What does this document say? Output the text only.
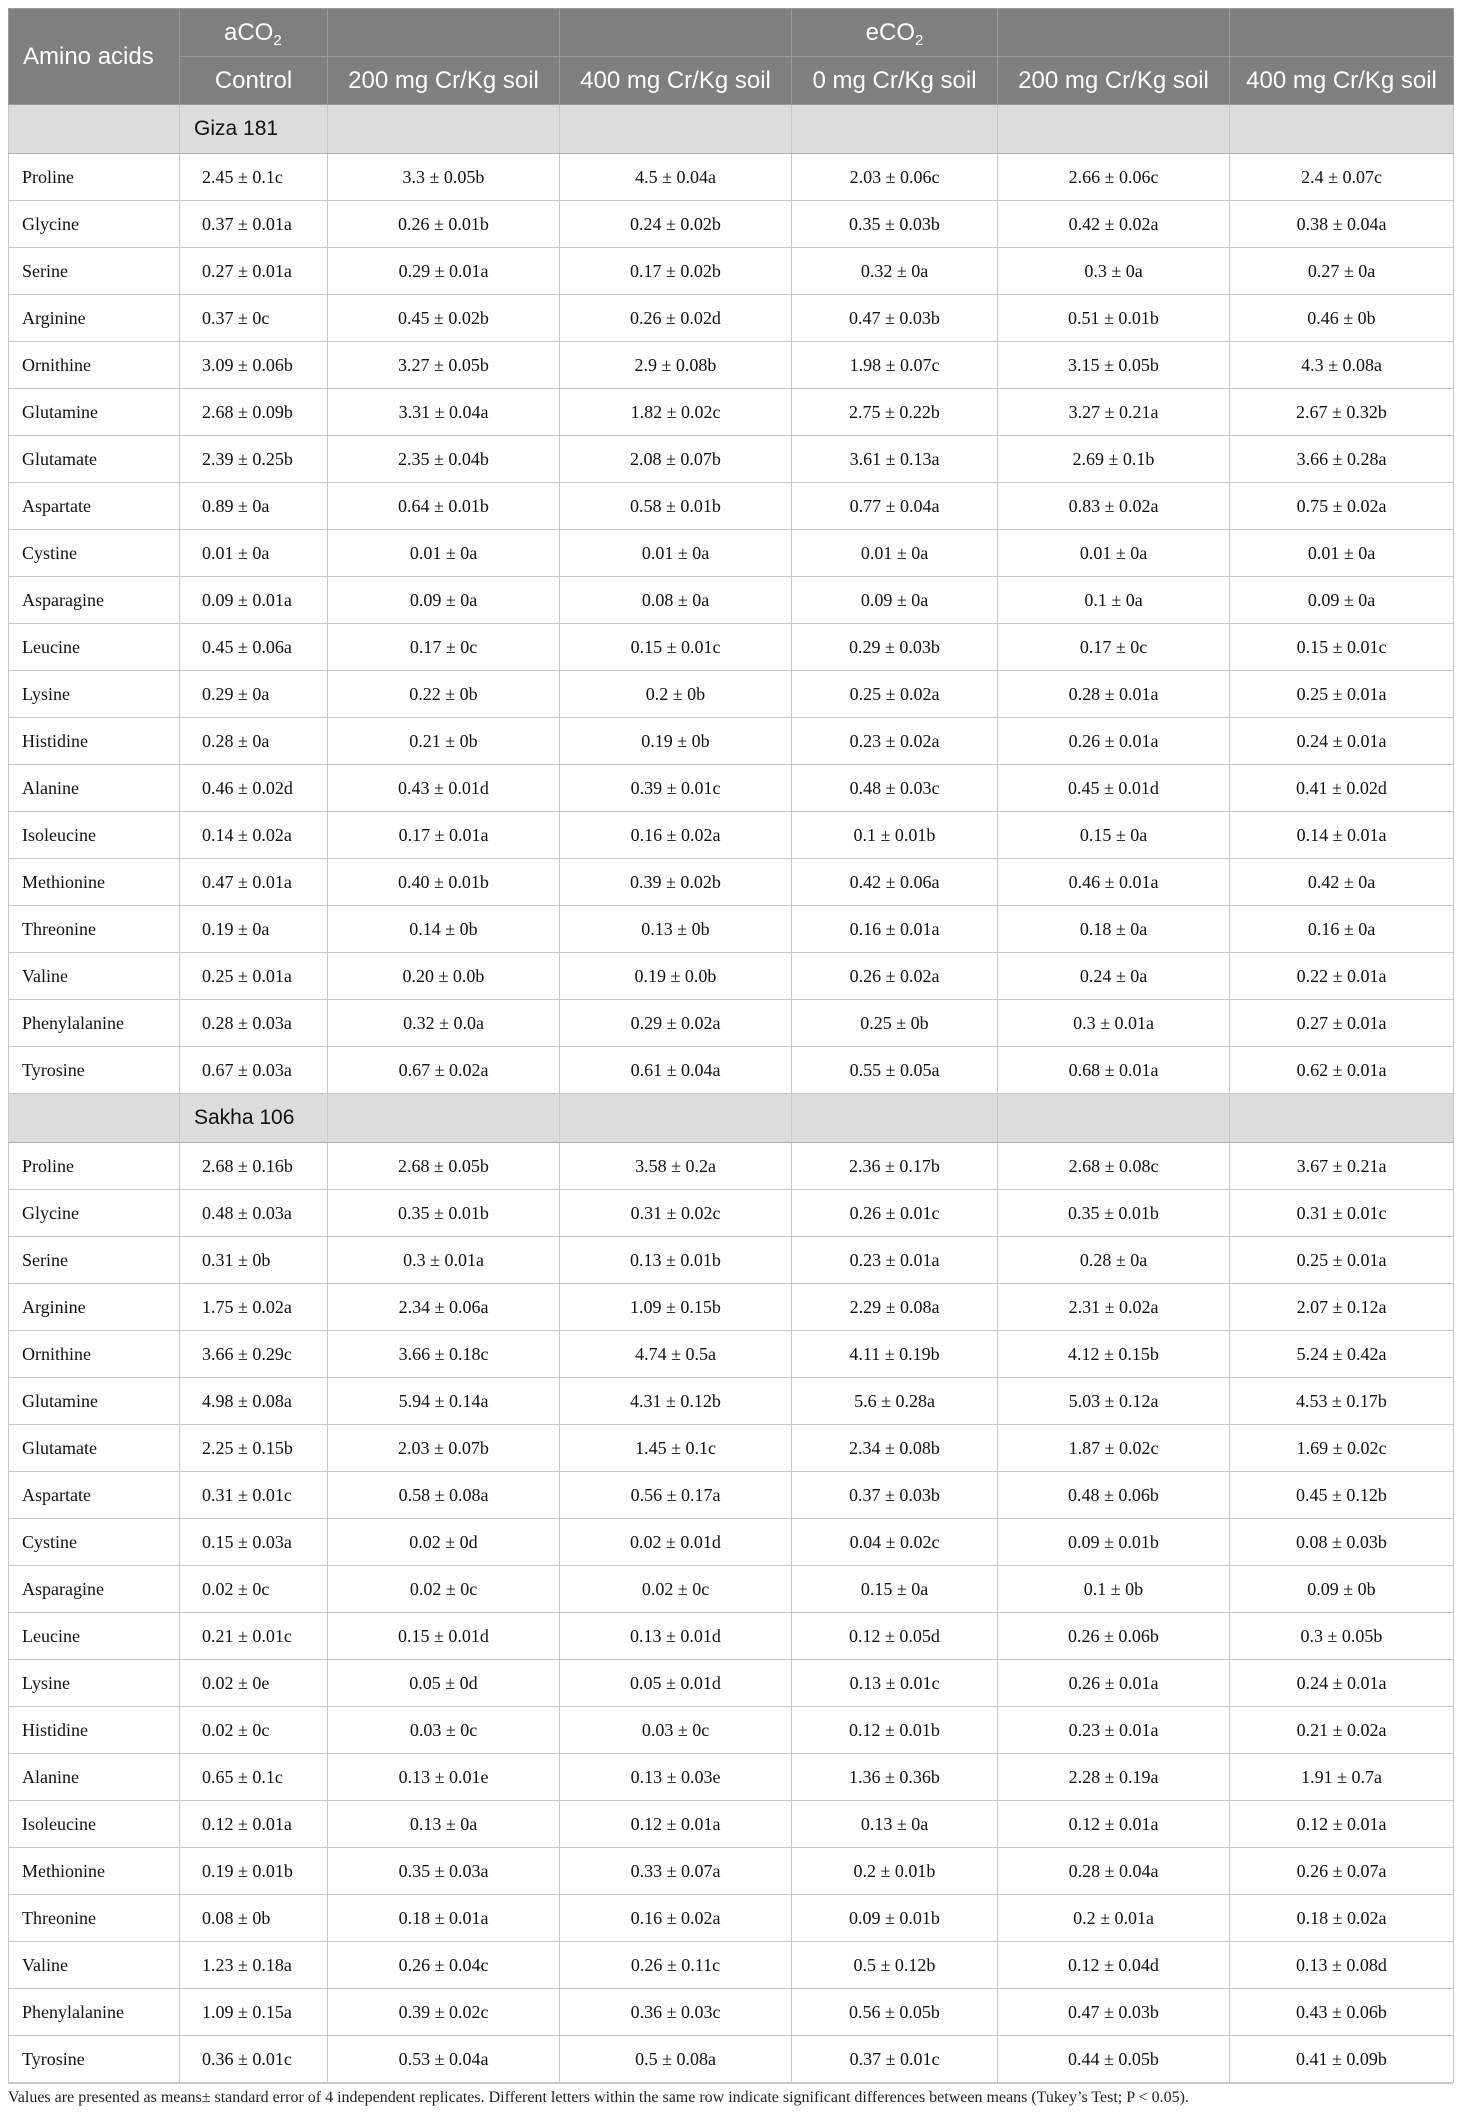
Amino acids	aCO$_2$			eCO$_2$		
	Control	200 mg Cr/Kg soil	400 mg Cr/Kg soil	0 mg Cr/Kg soil	200 mg Cr/Kg soil	400 mg Cr/Kg soil
	Giza 181					
Proline	2.45 ± 0.1c	3.3 ± 0.05b	4.5 ± 0.04a	2.03 ± 0.06c	2.66 ± 0.06c	2.4 ± 0.07c
Glycine	0.37 ± 0.01a	0.26 ± 0.01b	0.24 ± 0.02b	0.35 ± 0.03b	0.42 ± 0.02a	0.38 ± 0.04a
Serine	0.27 ± 0.01a	0.29 ± 0.01a	0.17 ± 0.02b	0.32 ± 0a	0.3 ± 0a	0.27 ± 0a
Arginine	0.37 ± 0c	0.45 ± 0.02b	0.26 ± 0.02d	0.47 ± 0.03b	0.51 ± 0.01b	0.46 ± 0b
Ornithine	3.09 ± 0.06b	3.27 ± 0.05b	2.9 ± 0.08b	1.98 ± 0.07c	3.15 ± 0.05b	4.3 ± 0.08a
Glutamine	2.68 ± 0.09b	3.31 ± 0.04a	1.82 ± 0.02c	2.75 ± 0.22b	3.27 ± 0.21a	2.67 ± 0.32b
Glutamate	2.39 ± 0.25b	2.35 ± 0.04b	2.08 ± 0.07b	3.61 ± 0.13a	2.69 ± 0.1b	3.66 ± 0.28a
Aspartate	0.89 ± 0a	0.64 ± 0.01b	0.58 ± 0.01b	0.77 ± 0.04a	0.83 ± 0.02a	0.75 ± 0.02a
Cystine	0.01 ± 0a	0.01 ± 0a	0.01 ± 0a	0.01 ± 0a	0.01 ± 0a	0.01 ± 0a
Asparagine	0.09 ± 0.01a	0.09 ± 0a	0.08 ± 0a	0.09 ± 0a	0.1 ± 0a	0.09 ± 0a
Leucine	0.45 ± 0.06a	0.17 ± 0c	0.15 ± 0.01c	0.29 ± 0.03b	0.17 ± 0c	0.15 ± 0.01c
Lysine	0.29 ± 0a	0.22 ± 0b	0.2 ± 0b	0.25 ± 0.02a	0.28 ± 0.01a	0.25 ± 0.01a
Histidine	0.28 ± 0a	0.21 ± 0b	0.19 ± 0b	0.23 ± 0.02a	0.26 ± 0.01a	0.24 ± 0.01a
Alanine	0.46 ± 0.02d	0.43 ± 0.01d	0.39 ± 0.01c	0.48 ± 0.03c	0.45 ± 0.01d	0.41 ± 0.02d
Isoleucine	0.14 ± 0.02a	0.17 ± 0.01a	0.16 ± 0.02a	0.1 ± 0.01b	0.15 ± 0a	0.14 ± 0.01a
Methionine	0.47 ± 0.01a	0.40 ± 0.01b	0.39 ± 0.02b	0.42 ± 0.06a	0.46 ± 0.01a	0.42 ± 0a
Threonine	0.19 ± 0a	0.14 ± 0b	0.13 ± 0b	0.16 ± 0.01a	0.18 ± 0a	0.16 ± 0a
Valine	0.25 ± 0.01a	0.20 ± 0.0b	0.19 ± 0.0b	0.26 ± 0.02a	0.24 ± 0a	0.22 ± 0.01a
Phenylalanine	0.28 ± 0.03a	0.32 ± 0.0a	0.29 ± 0.02a	0.25 ± 0b	0.3 ± 0.01a	0.27 ± 0.01a
Tyrosine	0.67 ± 0.03a	0.67 ± 0.02a	0.61 ± 0.04a	0.55 ± 0.05a	0.68 ± 0.01a	0.62 ± 0.01a
	Sakha 106					
Proline	2.68 ± 0.16b	2.68 ± 0.05b	3.58 ± 0.2a	2.36 ± 0.17b	2.68 ± 0.08c	3.67 ± 0.21a
Glycine	0.48 ± 0.03a	0.35 ± 0.01b	0.31 ± 0.02c	0.26 ± 0.01c	0.35 ± 0.01b	0.31 ± 0.01c
Serine	0.31 ± 0b	0.3 ± 0.01a	0.13 ± 0.01b	0.23 ± 0.01a	0.28 ± 0a	0.25 ± 0.01a
Arginine	1.75 ± 0.02a	2.34 ± 0.06a	1.09 ± 0.15b	2.29 ± 0.08a	2.31 ± 0.02a	2.07 ± 0.12a
Ornithine	3.66 ± 0.29c	3.66 ± 0.18c	4.74 ± 0.5a	4.11 ± 0.19b	4.12 ± 0.15b	5.24 ± 0.42a
Glutamine	4.98 ± 0.08a	5.94 ± 0.14a	4.31 ± 0.12b	5.6 ± 0.28a	5.03 ± 0.12a	4.53 ± 0.17b
Glutamate	2.25 ± 0.15b	2.03 ± 0.07b	1.45 ± 0.1c	2.34 ± 0.08b	1.87 ± 0.02c	1.69 ± 0.02c
Aspartate	0.31 ± 0.01c	0.58 ± 0.08a	0.56 ± 0.17a	0.37 ± 0.03b	0.48 ± 0.06b	0.45 ± 0.12b
Cystine	0.15 ± 0.03a	0.02 ± 0d	0.02 ± 0.01d	0.04 ± 0.02c	0.09 ± 0.01b	0.08 ± 0.03b
Asparagine	0.02 ± 0c	0.02 ± 0c	0.02 ± 0c	0.15 ± 0a	0.1 ± 0b	0.09 ± 0b
Leucine	0.21 ± 0.01c	0.15 ± 0.01d	0.13 ± 0.01d	0.12 ± 0.05d	0.26 ± 0.06b	0.3 ± 0.05b
Lysine	0.02 ± 0e	0.05 ± 0d	0.05 ± 0.01d	0.13 ± 0.01c	0.26 ± 0.01a	0.24 ± 0.01a
Histidine	0.02 ± 0c	0.03 ± 0c	0.03 ± 0c	0.12 ± 0.01b	0.23 ± 0.01a	0.21 ± 0.02a
Alanine	0.65 ± 0.1c	0.13 ± 0.01e	0.13 ± 0.03e	1.36 ± 0.36b	2.28 ± 0.19a	1.91 ± 0.7a
Isoleucine	0.12 ± 0.01a	0.13 ± 0a	0.12 ± 0.01a	0.13 ± 0a	0.12 ± 0.01a	0.12 ± 0.01a
Methionine	0.19 ± 0.01b	0.35 ± 0.03a	0.33 ± 0.07a	0.2 ± 0.01b	0.28 ± 0.04a	0.26 ± 0.07a
Threonine	0.08 ± 0b	0.18 ± 0.01a	0.16 ± 0.02a	0.09 ± 0.01b	0.2 ± 0.01a	0.18 ± 0.02a
Valine	1.23 ± 0.18a	0.26 ± 0.04c	0.26 ± 0.11c	0.5 ± 0.12b	0.12 ± 0.04d	0.13 ± 0.08d
Phenylalanine	1.09 ± 0.15a	0.39 ± 0.02c	0.36 ± 0.03c	0.56 ± 0.05b	0.47 ± 0.03b	0.43 ± 0.06b
Tyrosine	0.36 ± 0.01c	0.53 ± 0.04a	0.5 ± 0.08a	0.37 ± 0.01c	0.44 ± 0.05b	0.41 ± 0.09b
Values are presented as means± standard error of 4 independent replicates. Different letters within the same row indicate significant differences between means (Tukey’s Test; P < 0.05).
